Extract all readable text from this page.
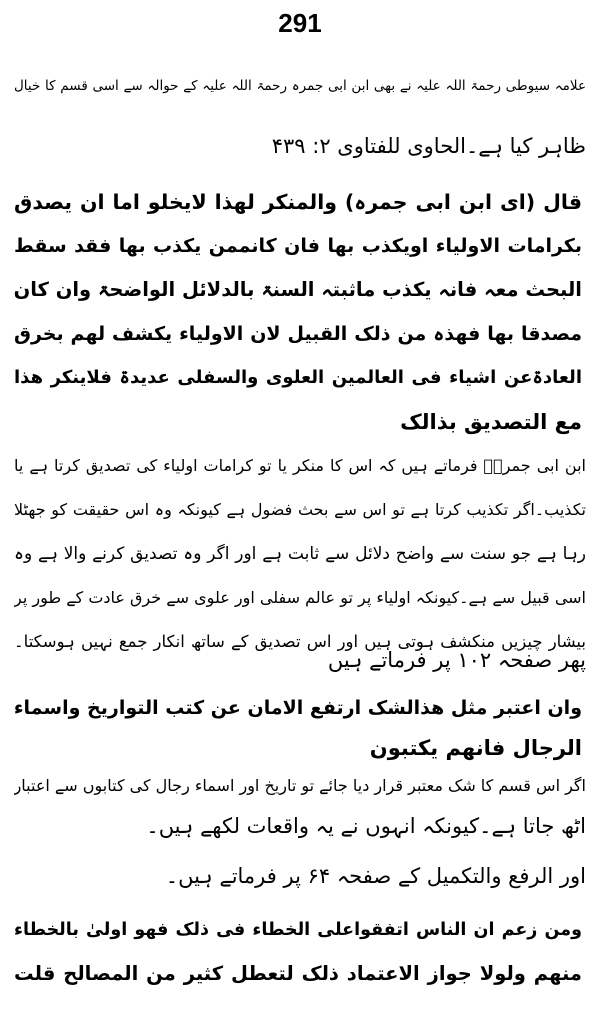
291
علامہ سیوطی رحمۃ اللہ علیہ نے بھی ابن ابی جمرہ رحمۃ اللہ علیہ کے حوالہ سے اسی قسم کا خیال
ظاہر کیا ہے۔الحاوی للفتاوی ۲: ۴۳۹
قال (ای ابن ابی جمرہ) والمنکر لھذا لایخلو اما ان یصدق
بکرامات الاولیاء اویکذب بھا فان کانممن یکذب بھا فقد سقط
البحث معہ فانہ یکذب ماثبتہ السنۃ بالدلائل الواضحۃ وان کان
مصدقا بھا فھذہ من ذلک القبیل لان الاولیاء یکشف لھم بخرق
العادۃعن اشیاء فی العالمین العلوی والسفلی عدیدۃ فلاینکر ھذا
مع التصدیق بذالک
ابن ابی جمرہؒ فرماتے ہیں کہ اس کا منکر یا تو کرامات اولیاء کی تصدیق کرتا ہے یا
تکذیب۔اگر تکذیب کرتا ہے تو اس سے بحث فضول ہے کیونکہ وہ اس حقیقت کو جھٹلا
رہا ہے جو سنت سے واضح دلائل سے ثابت ہے اور اگر وہ تصدیق کرنے والا ہے وہ
اسی قبیل سے ہے۔کیونکہ اولیاء پر تو عالم سفلی اور علوی سے خرق عادت کے طور پر
بیشار چیزیں منکشف ہوتی ہیں اور اس تصدیق کے ساتھ انکار جمع نہیں ہوسکتا۔
پھر صفحہ ۱۰۲ پر فرماتے ہیں
وان اعتبر مثل ھذالشک ارتفع الامان عن کتب التواریخ واسماء
الرجال فانھم یکتبون
اگر اس قسم کا شک معتبر قرار دیا جائے تو تاریخ اور اسماء رجال کی کتابوں سے اعتبار
اٹھ جاتا ہے۔کیونکہ انہوں نے یہ واقعات لکھے ہیں۔
اور الرفع والتکمیل کے صفحہ ۶۴ پر فرماتے ہیں۔
ومن زعم ان الناس اتفقواعلی الخطاء فی ذلک فھو اولیٰ بالخطاء
منھم ولولا جواز الاعتماد ذلک لتعطل کثیر من المصالح قلت
